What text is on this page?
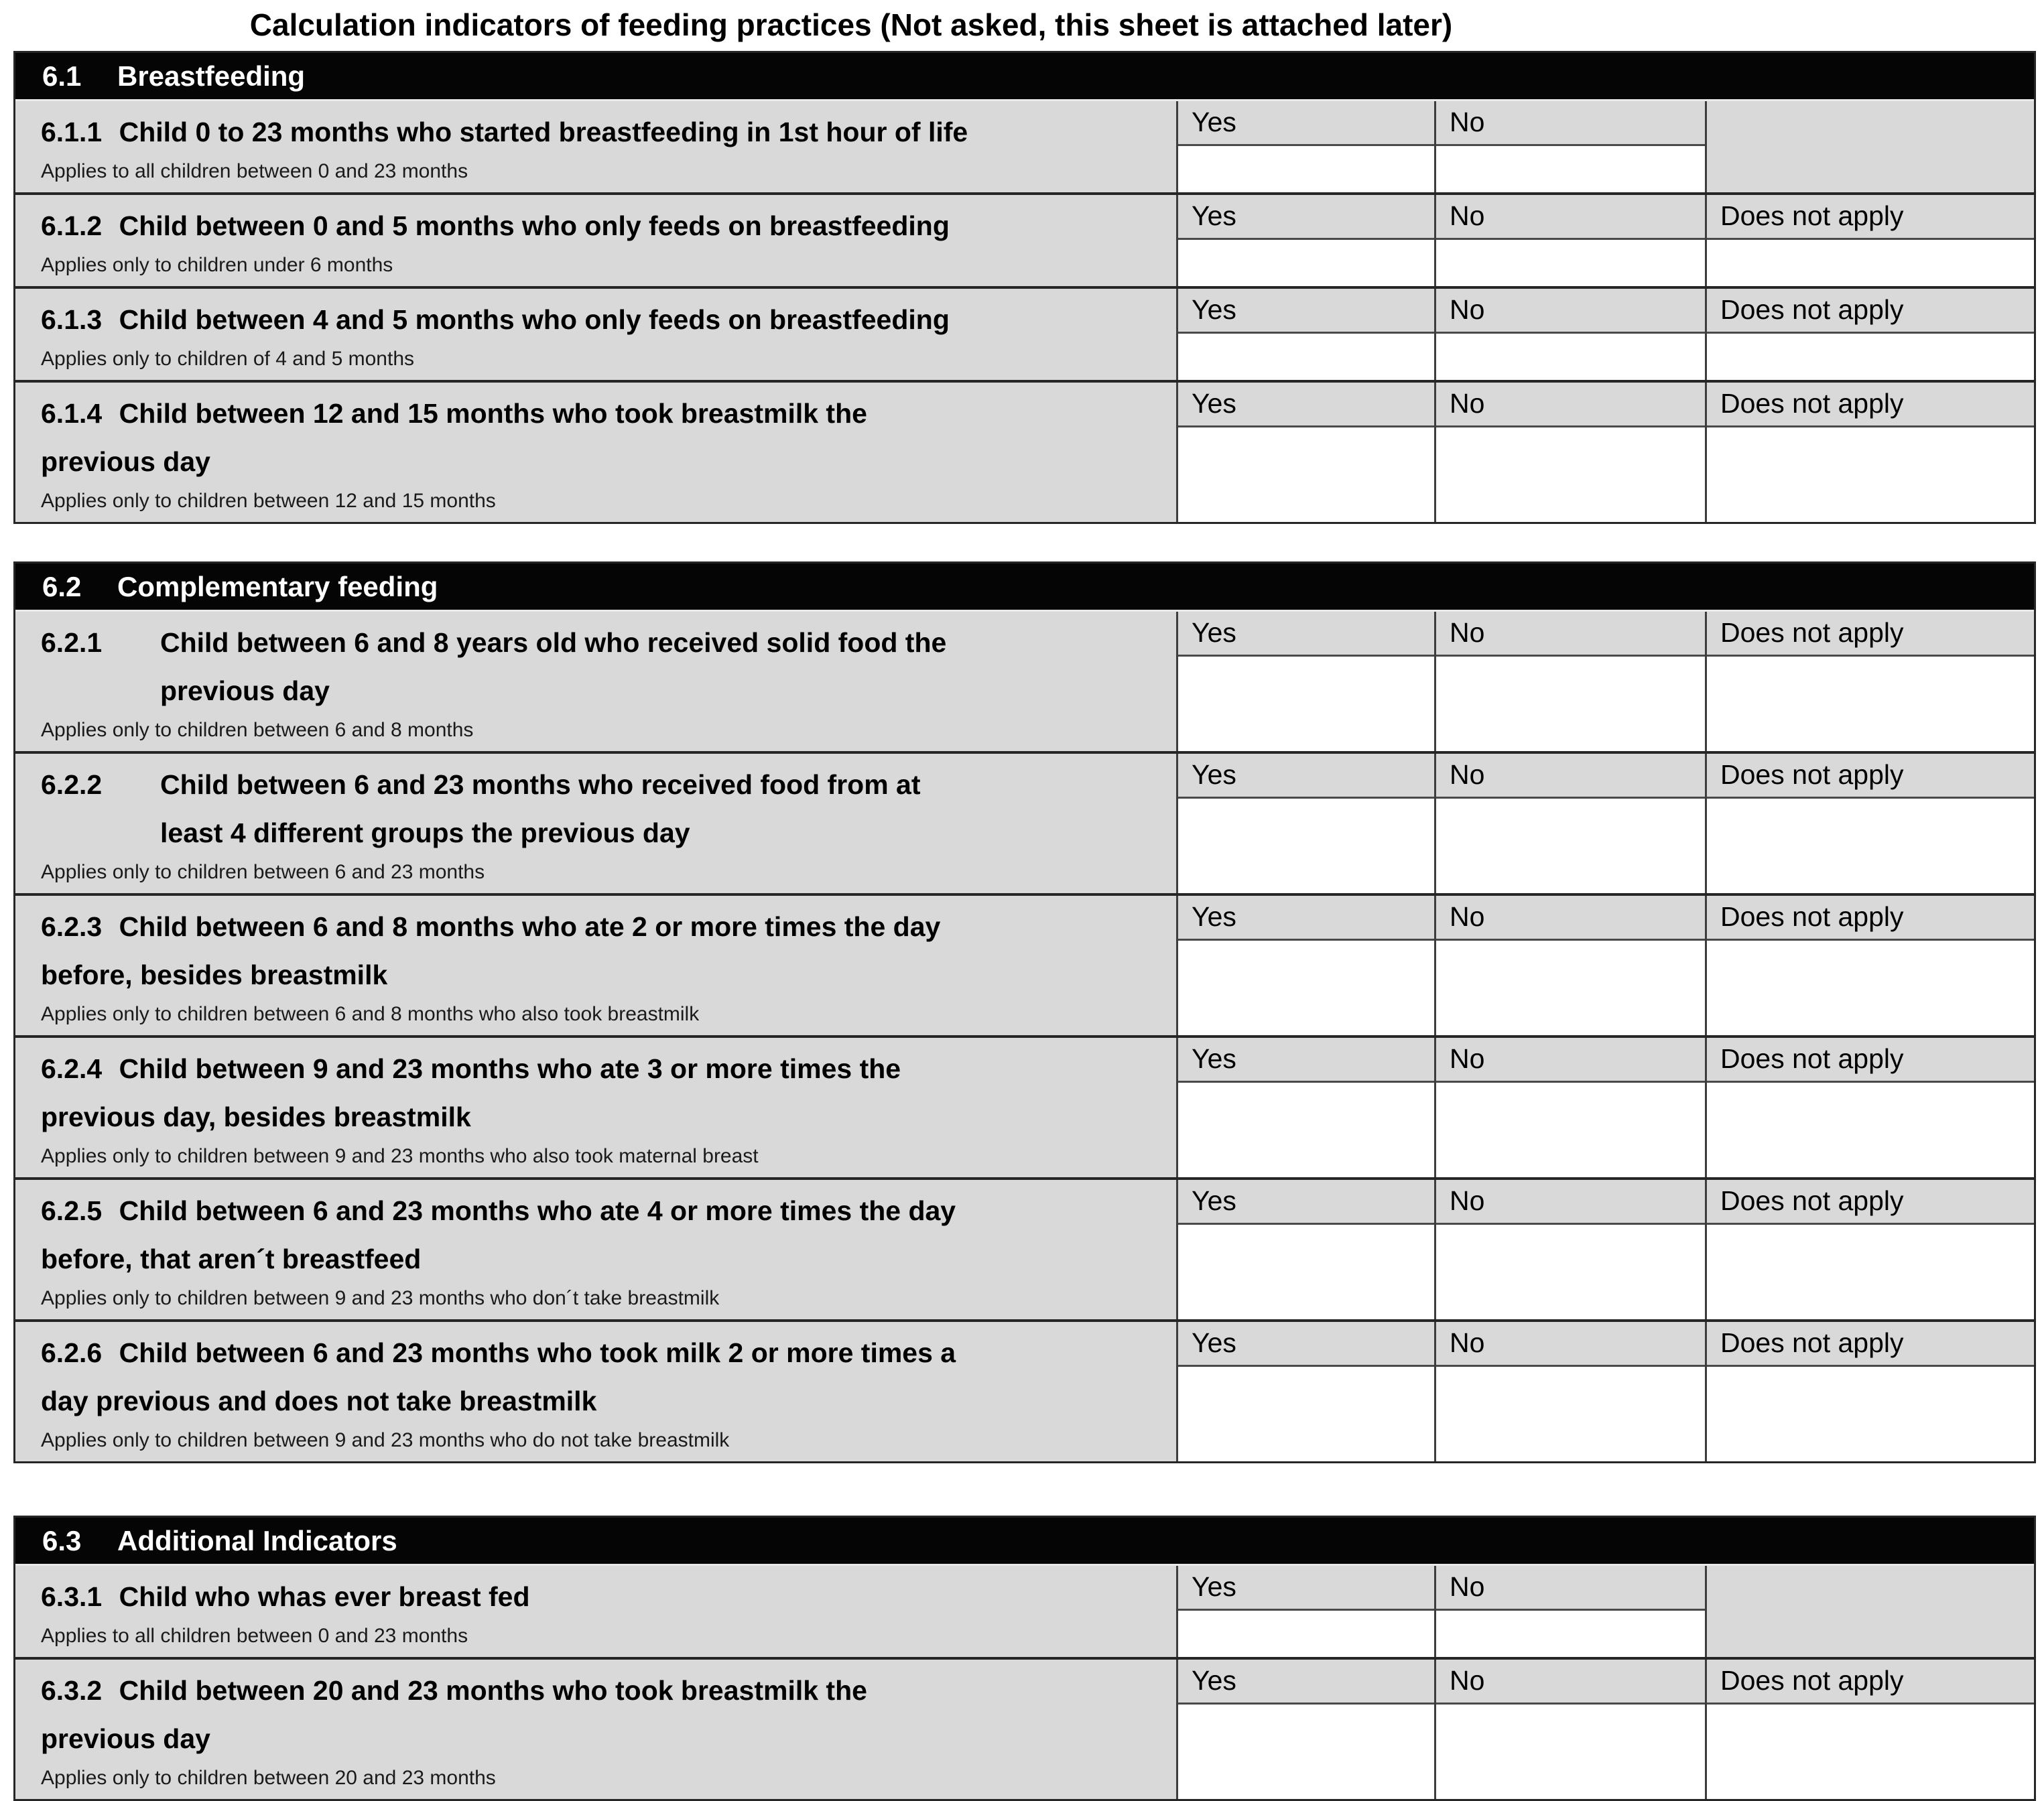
Calculation indicators of feeding practices (Not asked, this sheet is attached later)
6.1	Breastfeeding
6.1.1 Child 0 to 23 months who started breastfeeding in 1st hour of life
Applies to all children between 0 and 23 months
Yes	No
6.1.2 Child between 0 and 5 months who only feeds on breastfeeding
Applies only to children under 6 months
Yes	No	Does not apply
6.1.3 Child between 4 and 5 months who only feeds on breastfeeding
Applies only to children of 4 and 5 months
Yes	No	Does not apply
6.1.4 Child between 12 and 15 months who took breastmilk the
previous day
Applies only to children between 12 and 15 months
Yes	No	Does not apply
6.2	Complementary feeding
6.2.1	Child between 6 and 8 years old who received solid food the
previous day
Applies only to children between 6 and 8 months
Yes	No	Does not apply
6.2.2	Child between 6 and 23 months who received food from at
least 4 different groups the previous day
Applies only to children between 6 and 23 months
Yes	No	Does not apply
6.2.3 Child between 6 and 8 months who ate 2 or more times the day
before, besides breastmilk
Applies only to children between 6 and 8 months who also took breastmilk
Yes	No	Does not apply
6.2.4 Child between 9 and 23 months who ate 3 or more times the
previous day, besides breastmilk
Applies only to children between 9 and 23 months who also took maternal breast
Yes	No	Does not apply
6.2.5 Child between 6 and 23 months who ate 4 or more times the day
before, that aren´t breastfeed
Applies only to children between 9 and 23 months who don´t take breastmilk
Yes	No	Does not apply
6.2.6 Child between 6 and 23 months who took milk 2 or more times a
day previous and does not take breastmilk
Applies only to children between 9 and 23 months who do not take breastmilk
Yes	No	Does not apply
6.3	Additional Indicators
6.3.1 Child who whas ever breast fed
Applies to all children between 0 and 23 months
Yes	No
6.3.2 Child between 20 and 23 months who took breastmilk the
previous day
Applies only to children between 20 and 23 months
Yes	No	Does not apply
